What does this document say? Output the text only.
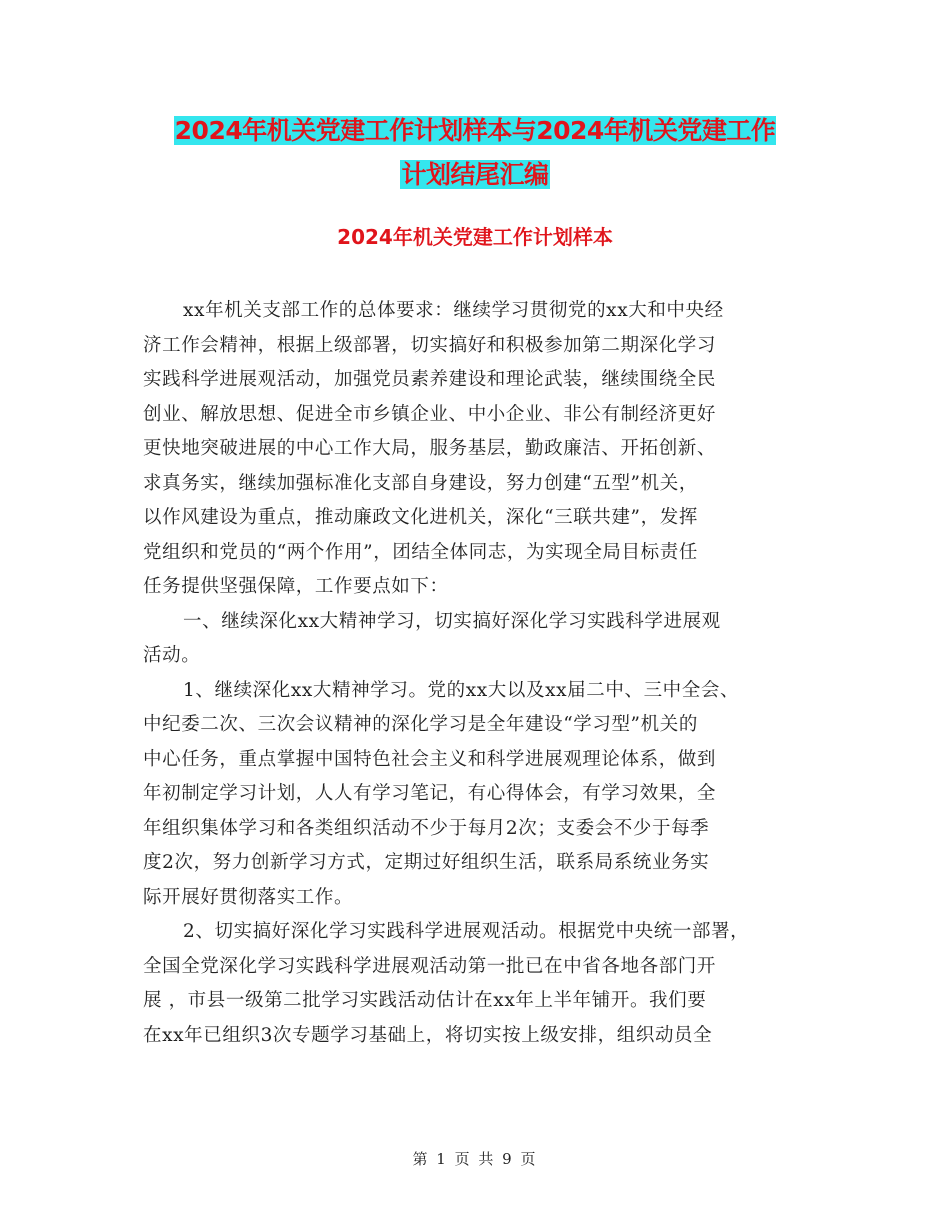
2024年机关党建工作计划样本与2024年机关党建工作
计划结尾汇编
2024年机关党建工作计划样本
xx年机关支部工作的总体要求：继续学习贯彻党的xx大和中央经
济工作会精神，根据上级部署，切实搞好和积极参加第二期深化学习
实践科学进展观活动，加强党员素养建设和理论武装，继续围绕全民
创业、解放思想、促进全市乡镇企业、中小企业、非公有制经济更好
更快地突破进展的中心工作大局，服务基层，勤政廉洁、开拓创新、
求真务实，继续加强标准化支部自身建设，努力创建“五型”机关，
以作风建设为重点，推动廉政文化进机关，深化“三联共建”，发挥
党组织和党员的“两个作用”，团结全体同志，为实现全局目标责任
任务提供坚强保障，工作要点如下：
一、继续深化xx大精神学习，切实搞好深化学习实践科学进展观
活动。
1、继续深化xx大精神学习。党的xx大以及xx届二中、三中全会、
中纪委二次、三次会议精神的深化学习是全年建设“学习型”机关的
中心任务，重点掌握中国特色社会主义和科学进展观理论体系，做到
年初制定学习计划，人人有学习笔记，有心得体会，有学习效果，全
年组织集体学习和各类组织活动不少于每月2次；支委会不少于每季
度2次，努力创新学习方式，定期过好组织生活，联系局系统业务实
际开展好贯彻落实工作。
2、切实搞好深化学习实践科学进展观活动。根据党中央统一部署，
全国全党深化学习实践科学进展观活动第一批已在中省各地各部门开
展 ，市县一级第二批学习实践活动估计在xx年上半年铺开。我们要
在xx年已组织3次专题学习基础上，将切实按上级安排，组织动员全
第 1 页 共 9 页
